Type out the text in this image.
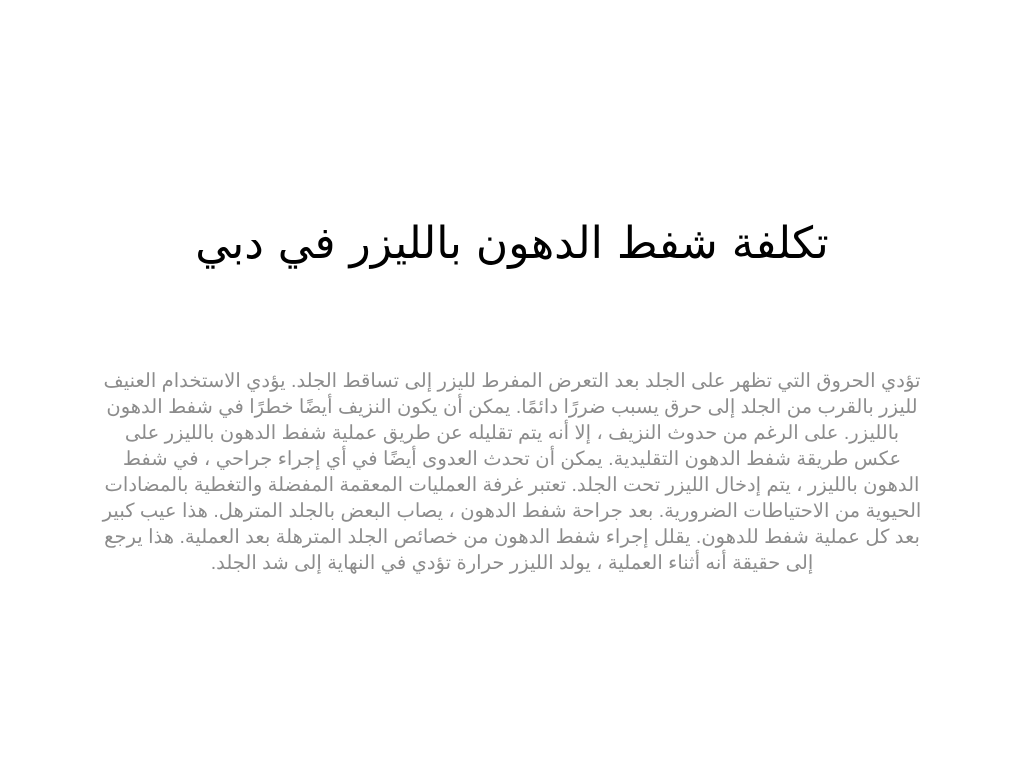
تكلفة شفط الدهون بالليزر في دبي

تؤدي الحروق التي تظهر على الجلد بعد التعرض المفرط لليزر إلى تساقط الجلد. يؤدي الاستخدام العنيف لليزر بالقرب من الجلد إلى حرق يسبب ضررًا دائمًا. يمكن أن يكون النزيف أيضًا خطرًا في شفط الدهون بالليزر. على الرغم من حدوث النزيف ، إلا أنه يتم تقليله عن طريق عملية شفط الدهون بالليزر على عكس طريقة شفط الدهون التقليدية. يمكن أن تحدث العدوى أيضًا في أي إجراء جراحي ، في شفط الدهون بالليزر ، يتم إدخال الليزر تحت الجلد. تعتبر غرفة العمليات المعقمة المفضلة والتغطية بالمضادات الحيوية من الاحتياطات الضرورية. بعد جراحة شفط الدهون ، يصاب البعض بالجلد المترهل. هذا عيب كبير بعد كل عملية شفط للدهون. يقلل إجراء شفط الدهون من خصائص الجلد المترهلة بعد العملية. هذا يرجع إلى حقيقة أنه أثناء العملية ، يولد الليزر حرارة تؤدي في النهاية إلى شد الجلد.
